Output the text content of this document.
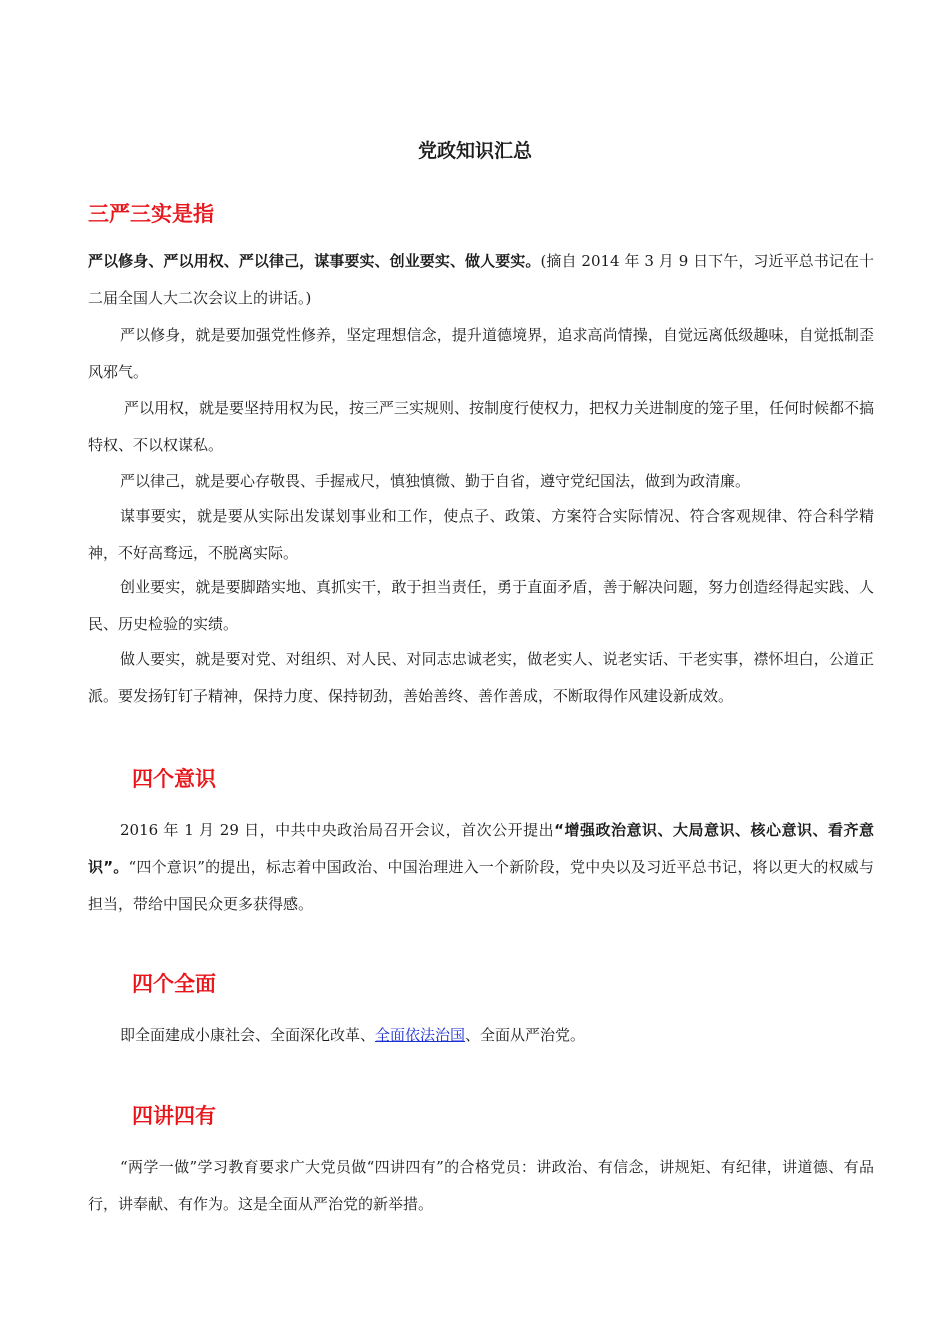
党政知识汇总
三严三实是指

严以修身、严以用权、严以律己，谋事要实、创业要实、做人要实。(摘自 2014 年 3 月 9 日下午，习近平总书记在十二届全国人大二次会议上的讲话。)

严以修身，就是要加强党性修养，坚定理想信念，提升道德境界，追求高尚情操，自觉远离低级趣味，自觉抵制歪风邪气。

严以用权，就是要坚持用权为民，按三严三实规则、按制度行使权力，把权力关进制度的笼子里，任何时候都不搞特权、不以权谋私。

严以律己，就是要心存敬畏、手握戒尺，慎独慎微、勤于自省，遵守党纪国法，做到为政清廉。

谋事要实，就是要从实际出发谋划事业和工作，使点子、政策、方案符合实际情况、符合客观规律、符合科学精神，不好高骛远，不脱离实际。

创业要实，就是要脚踏实地、真抓实干，敢于担当责任，勇于直面矛盾，善于解决问题，努力创造经得起实践、人民、历史检验的实绩。

做人要实，就是要对党、对组织、对人民、对同志忠诚老实，做老实人、说老实话、干老实事，襟怀坦白，公道正派。要发扬钉钉子精神，保持力度、保持韧劲，善始善终、善作善成，不断取得作风建设新成效。

四个意识

2016 年 1 月 29 日，中共中央政治局召开会议，首次公开提出“增强政治意识、大局意识、核心意识、看齐意识”。“四个意识”的提出，标志着中国政治、中国治理进入一个新阶段，党中央以及习近平总书记，将以更大的权威与担当，带给中国民众更多获得感。

四个全面

即全面建成小康社会、全面深化改革、全面依法治国、全面从严治党。

四讲四有

“两学一做”学习教育要求广大党员做“四讲四有”的合格党员：讲政治、有信念，讲规矩、有纪律，讲道德、有品行，讲奉献、有作为。这是全面从严治党的新举措。
